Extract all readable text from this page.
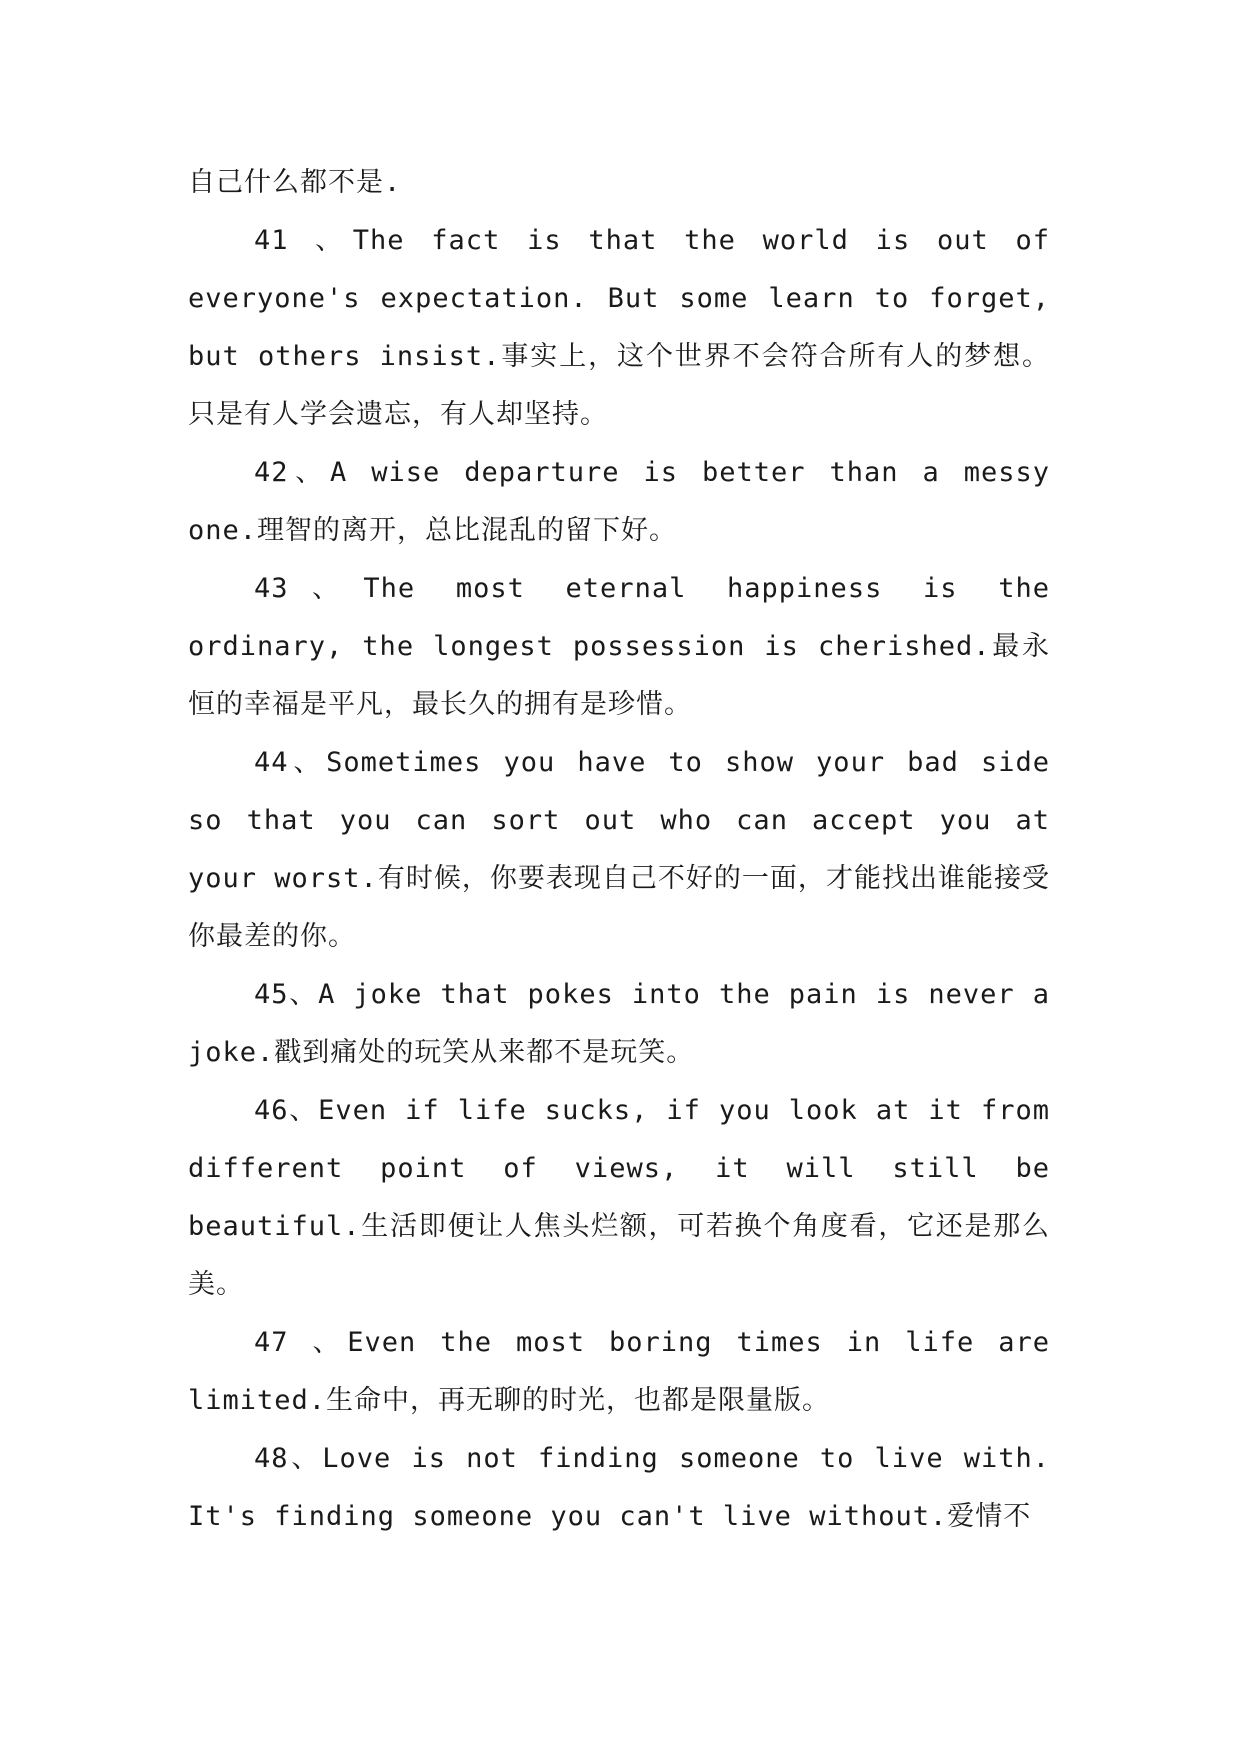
自己什么都不是.

41 、The fact is that the world is out of everyone's expectation. But some learn to forget, but others insist.事实上，这个世界不会符合所有人的梦想。只是有人学会遗忘，有人却坚持。

42、A wise departure is better than a messy one.理智的离开，总比混乱的留下好。

43、The most eternal happiness is the ordinary, the longest possession is cherished.最永恒的幸福是平凡，最长久的拥有是珍惜。

44、Sometimes you have to show your bad side so that you can sort out who can accept you at your worst.有时候，你要表现自己不好的一面，才能找出谁能接受你最差的你。

45、A joke that pokes into the pain is never a joke.戳到痛处的玩笑从来都不是玩笑。

46、Even if life sucks, if you look at it from different point of views, it will still be beautiful.生活即便让人焦头烂额，可若换个角度看，它还是那么美。

47 、Even the most boring times in life are limited.生命中，再无聊的时光，也都是限量版。

48、Love is not finding someone to live with. It's finding someone you can't live without.爱情不
